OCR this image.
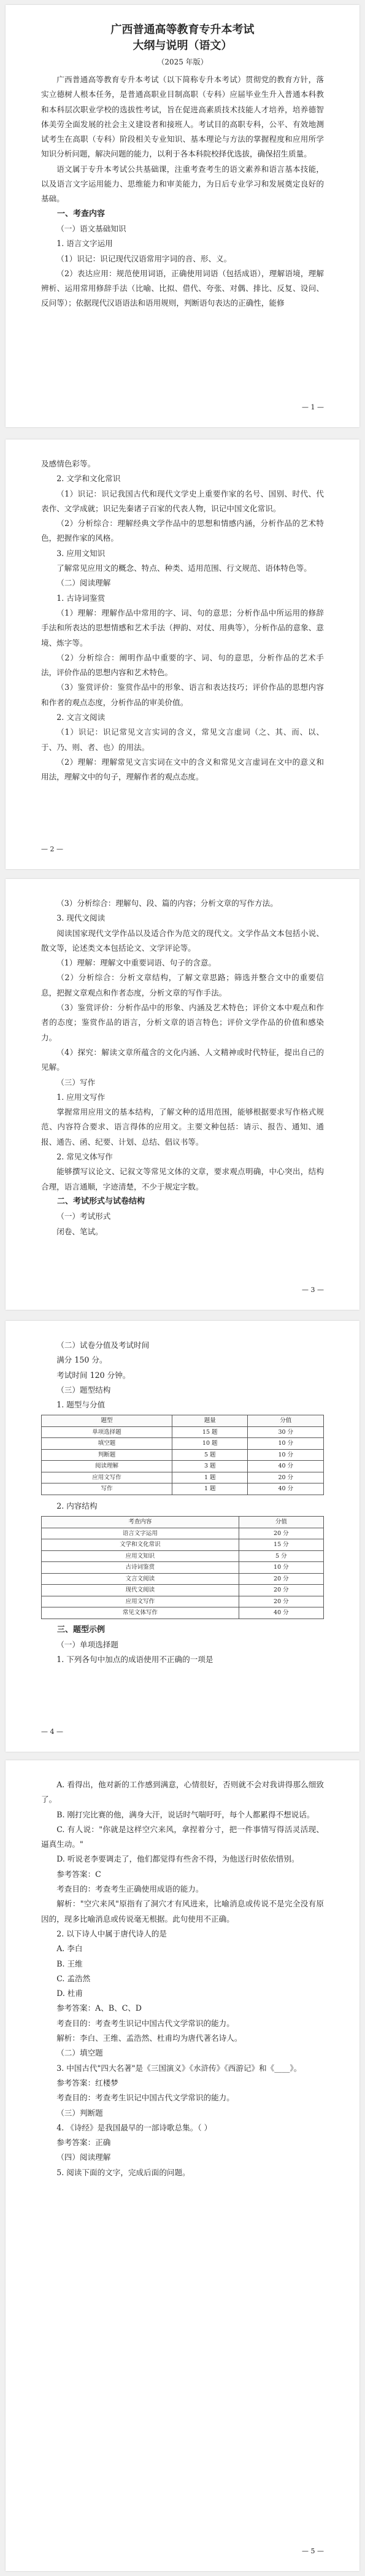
广西普通高等教育专升本考试

大纲与说明（语文）

（2025 年版）

广西普通高等教育专升本考试（以下简称专升本考试）贯彻党的教育方针，落实立德树人根本任务，是普通高职业目制高职（专科）应届毕业生升入普通本科教和本科层次职业学校的选拔性考试，旨在促进高素质技术技能人才培养，培养德智体美劳全面发展的社会主义建设者和接班人。考试目的高职专科，公平、有效地测试考生在高职（专科）阶段相关专业知识、基本理论与方法的掌握程度和应用所学知识分析问题，解决问题的能力，以利于各本科院校择优选拔，确保招生质量。

语文属于专升本考试公共基础课，注重考查考生的语文素养和语言基本技能，以及语言文字运用能力、思维能力和审美能力，为日后专业学习和发展奠定良好的基础。

一、考查内容

（一）语文基础知识

1. 语言文字运用

（1）识记：识记现代汉语常用字词的音、形、义。

（2）表达应用：规范使用词语，正确使用词语（包括成语），理解语境，理解辨析、运用常用修辞手法（比喻、比拟、借代、夸张、对偶、排比、反复、设问、反问等）；依据现代汉语语法和语用规则，判断语句表达的正确性，能修

— 1 —

及感情色彩等。

2. 文学和文化常识

（1）识记：识记我国古代和现代文学史上重要作家的名号、国别、时代、代表作、文学成就；识记先秦诸子百家的代表人物，识记中国文化常识。

（2）分析综合：理解经典文学作品中的思想和情感内涵，分析作品的艺术特色，把握作家的风格。

3. 应用文知识

了解常见应用文的概念、特点、种类、适用范围、行文规范、语体特色等。

（二）阅读理解

1. 古诗词鉴赏

（1）理解：理解作品中常用的字、词、句的意思；分析作品中所运用的修辞手法和所表达的思想情感和艺术手法（押韵、对仗、用典等），分析作品的意象、意境、炼字等。

（2）分析综合：阐明作品中重要的字、词、句的意思，分析作品的艺术手法，评价作品的思想内容和艺术特色。

（3）鉴赏评价：鉴赏作品中的形象、语言和表达技巧；评价作品的思想内容和作者的观点态度，分析作品的审美价值。

2. 文言文阅读

（1）识记：识记常见文言实词的含义，常见文言虚词（之、其、而、以、于、乃、则、者、也）的用法。

（2）理解：理解常见文言实词在文中的含义和常见文言虚词在文中的意义和用法，理解文中的句子，理解作者的观点态度。

— 2 —

（3）分析综合：理解句、段、篇的内容；分析文章的写作方法。

3. 现代文阅读

阅读国家现代文学作品以及适合作为范文的现代文。文学作品文本包括小说、散文等，论述类文本包括论文、文学评论等。

（1）理解：理解文中重要词语、句子的含意。

（2）分析综合：分析文章结构，了解文章思路；筛选并整合文中的重要信息，把握文章观点和作者态度，分析文章的写作手法。

（3）鉴赏评价：分析作品中的形象、内涵及艺术特色；评价文本中观点和作者的态度；鉴赏作品的语言，分析文章的语言特色；评价文学作品的价值和感染力。

（4）探究：解读文章所蕴含的文化内涵、人文精神或时代特征，提出自己的见解。

（三）写作

1. 应用文写作

掌握常用应用文的基本结构，了解文种的适用范围，能够根据要求写作格式规范、内容符合要求、语言得体的应用文。主要文种包括：请示、报告、通知、通报、通告、函、纪要、计划、总结、倡议书等。

2. 常见文体写作

能够撰写议论文、记叙文等常见文体的文章，要求观点明确，中心突出，结构合理，语言通顺，字迹清楚，不少于规定字数。

二、考试形式与试卷结构

（一）考试形式

闭卷、笔试。

— 3 —

（二）试卷分值及考试时间

满分 150 分。

考试时间 120 分钟。

（三）题型结构

1. 题型与分值

题型	题量	分值
单项选择题	15 题	30 分
填空题	10 题	10 分
判断题	5 题	10 分
阅读理解	3 题	40 分
应用文写作	1 题	20 分
写作	1 题	40 分

2. 内容结构

考查内容	分值
语言文字运用	20 分
文学和文化常识	15 分
应用文知识	5 分
古诗词鉴赏	10 分
文言文阅读	20 分
现代文阅读	20 分
应用文写作	20 分
常见文体写作	40 分

三、题型示例

（一）单项选择题

1. 下列各句中加点的成语使用不正确的一项是

— 4 —

A. 看得出，他对新的工作感到满意，心情很好，否则就不会对我讲得那么细致了。

B. 刚打完比赛的他，满身大汗，说话时气喘吁吁，每个人都累得不想说话。

C. 有人说："你就是这样空穴来风，拿捏着分寸，把一件事情写得活灵活现、逼真生动。"

D. 听说老李要调走了，他们都觉得有些舍不得，为他送行时依依惜别。

参考答案：C

考查目的：考查考生正确使用成语的能力。

解析："空穴来风"原指有了洞穴才有风进来，比喻消息或传说不是完全没有原因的，现多比喻消息或传说毫无根据。此句使用不正确。

2. 以下诗人中属于唐代诗人的是

A. 李白

B. 王维

C. 孟浩然

D. 杜甫

参考答案：A、B、C、D

考查目的：考查考生识记中国古代文学常识的能力。

解析：李白、王维、孟浩然、杜甫均为唐代著名诗人。

（二）填空题

3. 中国古代"四大名著"是《三国演义》《水浒传》《西游记》和《____》。

参考答案：红楼梦

考查目的：考查考生识记中国古代文学常识的能力。

（三）判断题

4. 《诗经》是我国最早的一部诗歌总集。（ ）

参考答案：正确

（四）阅读理解

5. 阅读下面的文字，完成后面的问题。

— 5 —
